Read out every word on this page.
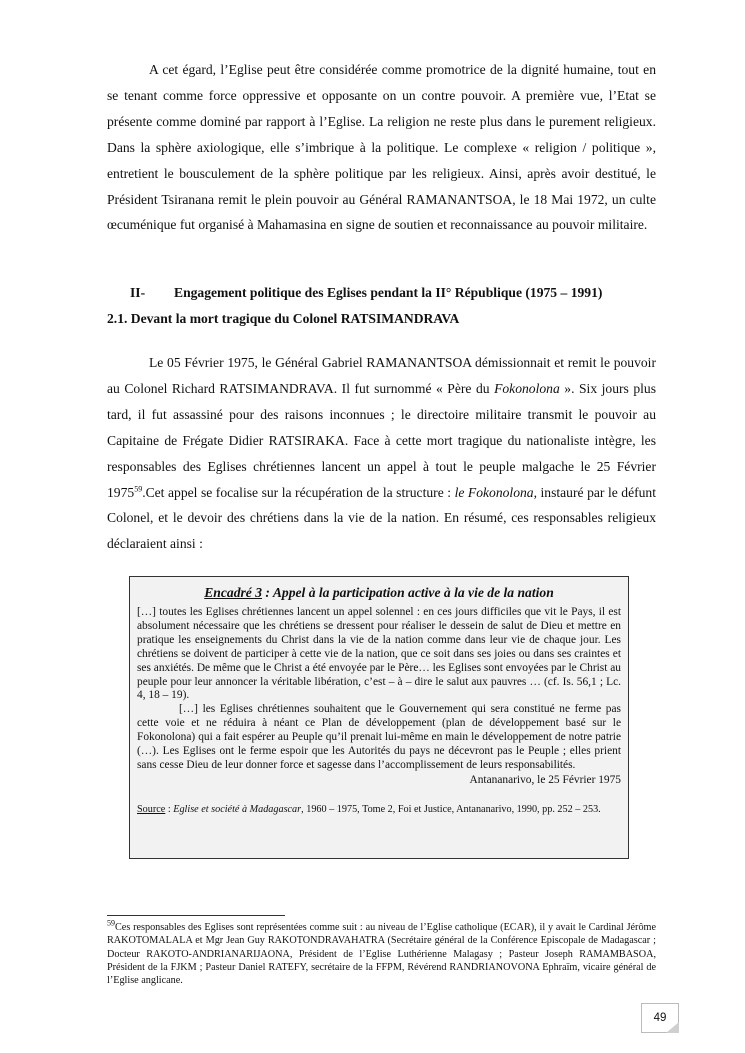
A cet égard, l’Eglise peut être considérée comme promotrice de la dignité humaine, tout en se tenant comme force oppressive et opposante on un contre pouvoir. A première vue, l’Etat se présente comme dominé par rapport à l’Eglise. La religion ne reste plus dans le purement religieux. Dans la sphère axiologique, elle s’imbrique à la politique. Le complexe « religion / politique », entretient le bousculement de la sphère politique par les religieux. Ainsi, après avoir destitué, le Président Tsiranana remit le plein pouvoir au Général RAMANANTSOA, le 18 Mai 1972, un culte œcuménique fut organisé à Mahamasina en signe de soutien et reconnaissance au pouvoir militaire.

II- Engagement politique des Eglises pendant la II° République (1975 – 1991)

2.1. Devant la mort tragique du Colonel RATSIMANDRAVA

Le 05 Février 1975, le Général Gabriel RAMANANTSOA démissionnait et remit le pouvoir au Colonel Richard RATSIMANDRAVA. Il fut surnommé « Père du Fokonolona ». Six jours plus tard, il fut assassiné pour des raisons inconnues ; le directoire militaire transmit le pouvoir au Capitaine de Frégate Didier RATSIRAKA. Face à cette mort tragique du nationaliste intègre, les responsables des Eglises chrétiennes lancent un appel à tout le peuple malgache le 25 Février 1975$^{59}$.Cet appel se focalise sur la récupération de la structure : le Fokonolona, instauré par le défunt Colonel, et le devoir des chrétiens dans la vie de la nation. En résumé, ces responsables religieux déclaraient ainsi :

Encadré 3 : Appel à la participation active à la vie de la nation

[…] toutes les Eglises chrétiennes lancent un appel solennel : en ces jours difficiles que vit le Pays, il est absolument nécessaire que les chrétiens se dressent pour réaliser le dessein de salut de Dieu et mettre en pratique les enseignements du Christ dans la vie de la nation comme dans leur vie de chaque jour. Les chrétiens se doivent de participer à cette vie de la nation, que ce soit dans ses joies ou dans ses craintes et ses anxiétés. De même que le Christ a été envoyée par le Père… les Eglises sont envoyées par le Christ au peuple pour leur annoncer la véritable libération, c’est – à – dire le salut aux pauvres … (cf. Is. 56,1 ; Lc. 4, 18 – 19).

[…] les Eglises chrétiennes souhaitent que le Gouvernement qui sera constitué ne ferme pas cette voie et ne réduira à néant ce Plan de développement (plan de développement basé sur le Fokonolona) qui a fait espérer au Peuple qu’il prenait lui-même en main le développement de notre patrie (…). Les Eglises ont le ferme espoir que les Autorités du pays ne décevront pas le Peuple ; elles prient sans cesse Dieu de leur donner force et sagesse dans l’accomplissement de leurs responsabilités.

Antananarivo, le 25 Février 1975

Source : Eglise et société à Madagascar, 1960 – 1975, Tome 2, Foi et Justice, Antananarivo, 1990, pp. 252 – 253.

$^{59}$Ces responsables des Eglises sont représentées comme suit : au niveau de l’Eglise catholique (ECAR), il y avait le Cardinal Jérôme RAKOTOMALALA et Mgr Jean Guy RAKOTONDRAVAHATRA (Secrétaire général de la Conférence Episcopale de Madagascar ; Docteur RAKOTO-ANDRIANARIJAONA, Président de l’Eglise Luthérienne Malagasy ; Pasteur Joseph RAMAMBASOA, Président de la FJKM ; Pasteur Daniel RATEFY, secrétaire de la FFPM, Révérend RANDRIANOVONA Ephraïm, vicaire général de l’Eglise anglicane.

49
